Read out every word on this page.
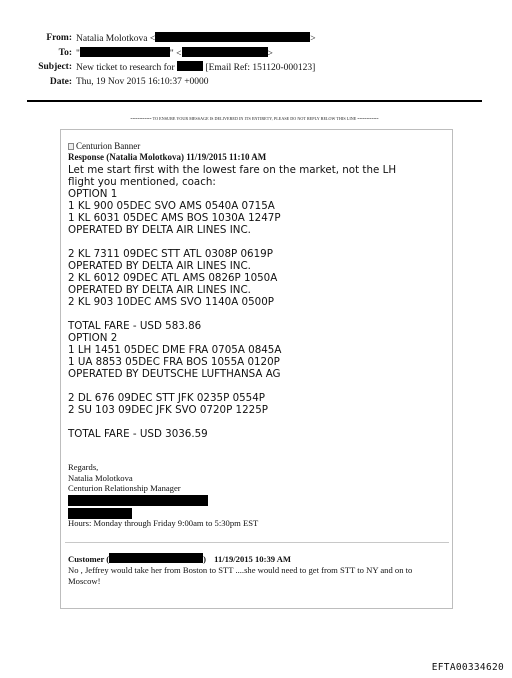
From: Natalia Molotkova <	>
To: "	" <	>
Subject: New ticket to research for	[Email Ref: 151120-000123]
Date: Thu, 19 Nov 2015 16:10:37 +0000
========= TO ENSURE YOUR MESSAGE IS DELIVERED IN ITS ENTIRETY, PLEASE DO NOT REPLY BELOW THIS LINE =========
Centurion Banner
Response (Natalia Molotkova) 11/19/2015 11:10 AM
Let me start first with the lowest fare on the market, not the LH
flight you mentioned, coach:
OPTION 1
1 KL 900 05DEC SVO AMS 0540A 0715A
1 KL 6031 05DEC AMS BOS 1030A 1247P
OPERATED BY DELTA AIR LINES INC.

2 KL 7311 09DEC STT ATL 0308P 0619P
OPERATED BY DELTA AIR LINES INC.
2 KL 6012 09DEC ATL AMS 0826P 1050A
OPERATED BY DELTA AIR LINES INC.
2 KL 903 10DEC AMS SVO 1140A 0500P

TOTAL FARE - USD 583.86
OPTION 2
1 LH 1451 05DEC DME FRA 0705A 0845A
1 UA 8853 05DEC FRA BOS 1055A 0120P
OPERATED BY DEUTSCHE LUFTHANSA AG

2 DL 676 09DEC STT JFK 0235P 0554P
2 SU 103 09DEC JFK SVO 0720P 1225P

TOTAL FARE - USD 3036.59
Regards,
Natalia Molotkova
Centurion Relationship Manager
Hours: Monday through Friday 9:00am to 5:30pm EST
Customer (	) 11/19/2015 10:39 AM
No , Jeffrey would take her from Boston to STT ....she would need to get from STT to NY and on to Moscow!
EFTA00334620
